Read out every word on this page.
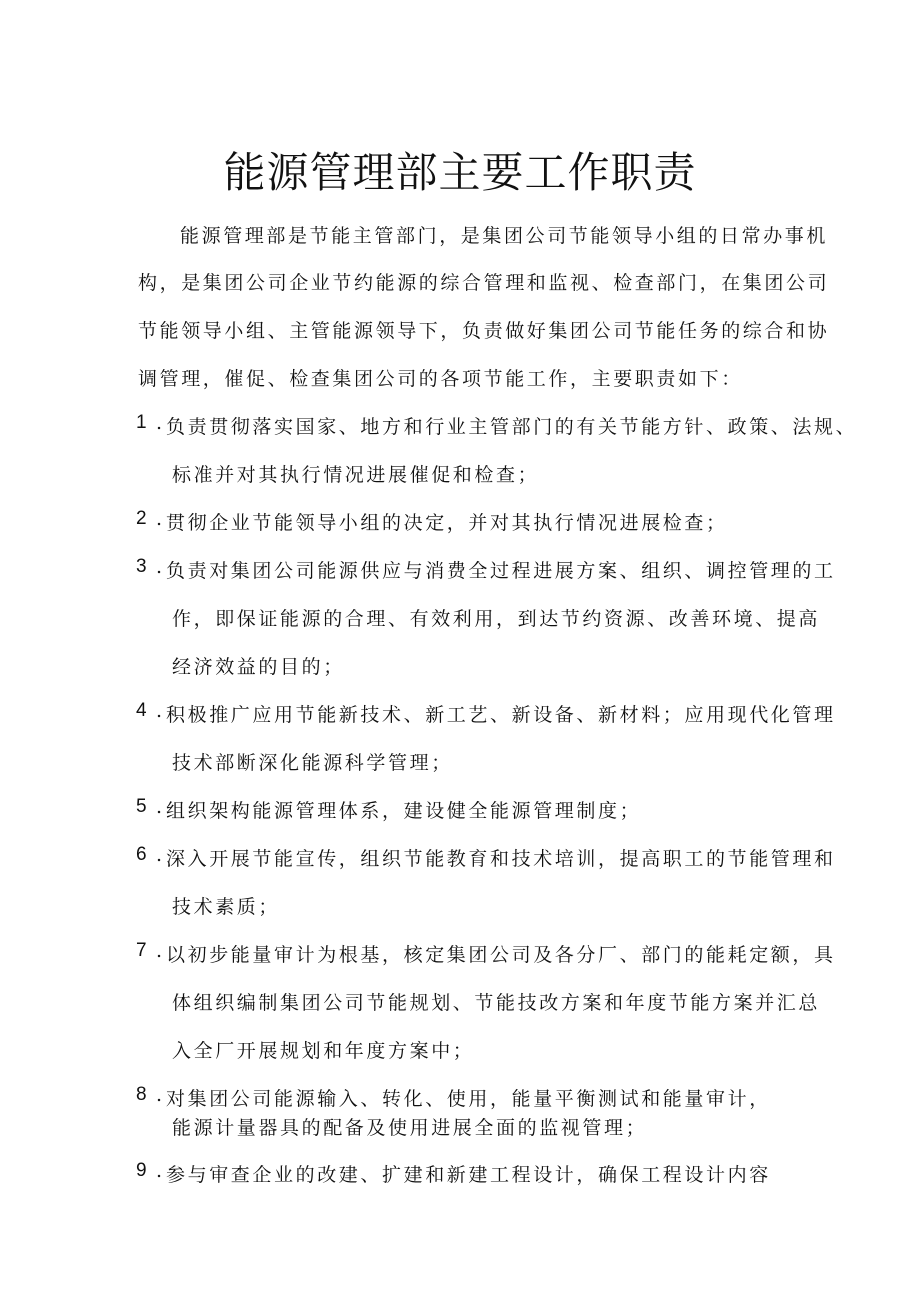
能源管理部主要工作职责
能源管理部是节能主管部门，是集团公司节能领导小组的日常办事机
构，是集团公司企业节约能源的综合管理和监视、检查部门，在集团公司
节能领导小组、主管能源领导下，负责做好集团公司节能任务的综合和协
调管理，催促、检查集团公司的各项节能工作，主要职责如下：
1 . 负责贯彻落实国家、地方和行业主管部门的有关节能方针、政策、法规、
标准并对其执行情况进展催促和检查；
2 . 贯彻企业节能领导小组的决定，并对其执行情况进展检查；
3 . 负责对集团公司能源供应与消费全过程进展方案、组织、调控管理的工
作，即保证能源的合理、有效利用，到达节约资源、改善环境、提高
经济效益的目的；
4 . 积极推广应用节能新技术、新工艺、新设备、新材料；应用现代化管理
技术部断深化能源科学管理；
5 . 组织架构能源管理体系，建设健全能源管理制度；
6 . 深入开展节能宣传，组织节能教育和技术培训，提高职工的节能管理和
技术素质；
7 . 以初步能量审计为根基，核定集团公司及各分厂、部门的能耗定额，具
体组织编制集团公司节能规划、节能技改方案和年度节能方案并汇总
入全厂开展规划和年度方案中；
8 . 对集团公司能源输入、转化、使用，能量平衡测试和能量审计，
能源计量器具的配备及使用进展全面的监视管理；
9 . 参与审查企业的改建、扩建和新建工程设计，确保工程设计内容
